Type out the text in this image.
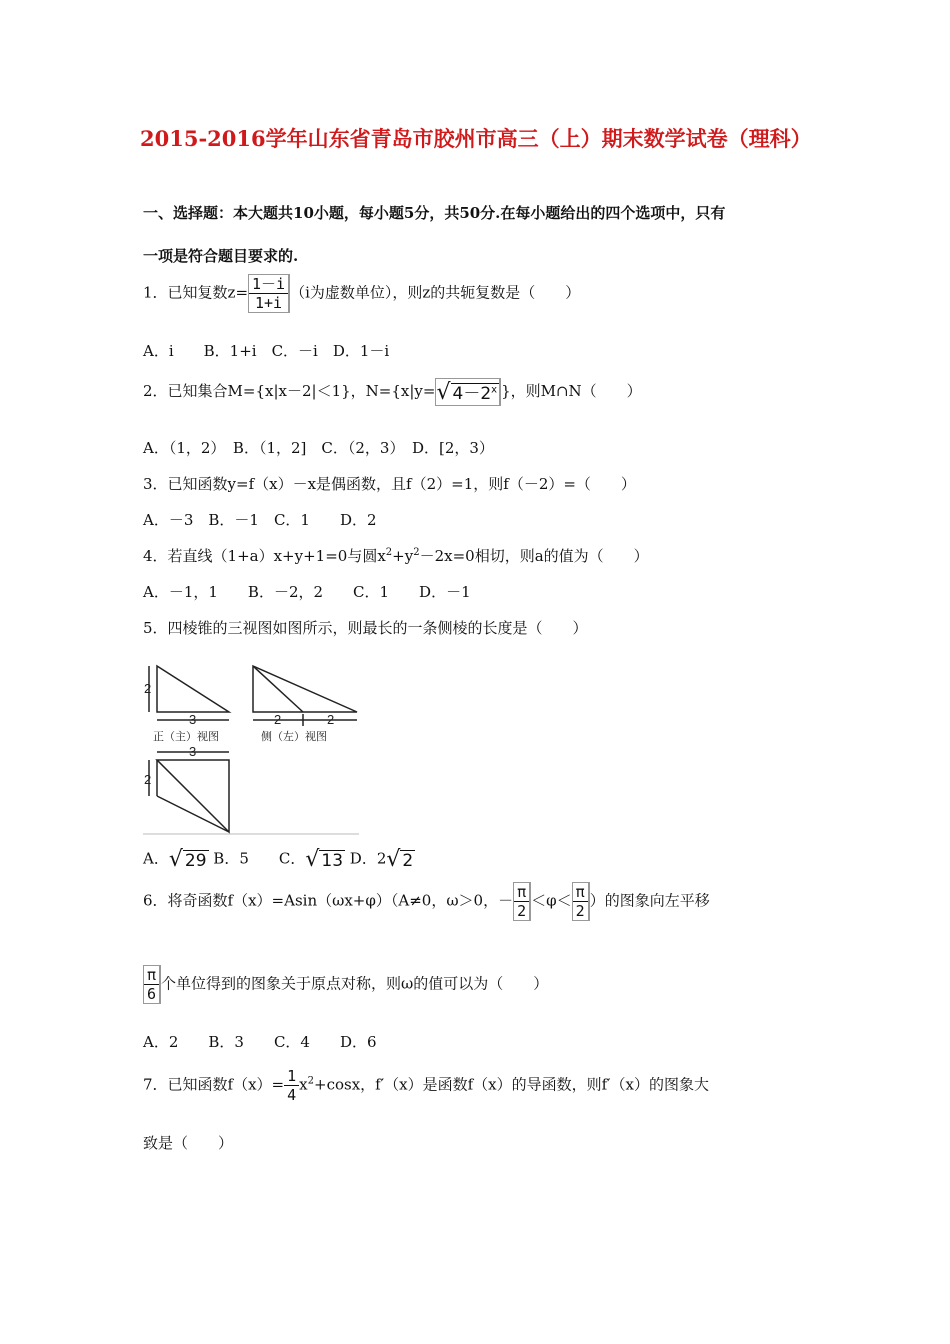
2015-2016学年山东省青岛市胶州市高三（上）期末数学试卷（理科）
一、选择题：本大题共10小题，每小题5分，共50分.在每小题给出的四个选项中，只有
一项是符合题目要求的.
1．已知复数$z= \frac{1-i}{1+i} (i$为虚数单位），则z的共轭复数是（　　）
A．i　　B．1+i　C．－i　D．1－i
2．已知集合M={x|x－2|＜1}，N={x|y=√ $4-2^x$ }，则M∩N（　　）
A．（1，2）　B．（1，2]　C．（2，3）　D．[2，3）
3．已知函数y=f（x）－x是偶函数，且f（2）=1，则f（－2）=（　　）
A．－3　B．－1　C．1　　D．2
4．若直线（1+a）x+y+1=0与圆$x^2+y^2-2x=0$相切，则a的值为（　　）
A．－1，1　　B．－2，2　　C．1　　D．－1
5．四棱锥的三视图如图所示，则最长的一条侧棱的长度是（　　）
2
3
正（主）视图
2	2
侧（左）视图
3
2
A．√ 29 B．5　　C．√ 13 D．2√ 2
6．将奇函数f（x）=Asin（ωx+φ）（A≠0，ω＞0，－ $\frac{\pi}{2} <\varphi< \frac{\pi}{2}$ ）的图象向左平移
$\frac{\pi}{6}$ 个单位得到的图象关于原点对称，则ω的值可以为（　　）
A．2　　B．3　　C．4　　D．6
7．已知函数$f(x)= \frac{1}{4} x^2+\cos x$，f′（x）是函数f（x）的导函数，则f′（x）的图象大
致是（　　）
